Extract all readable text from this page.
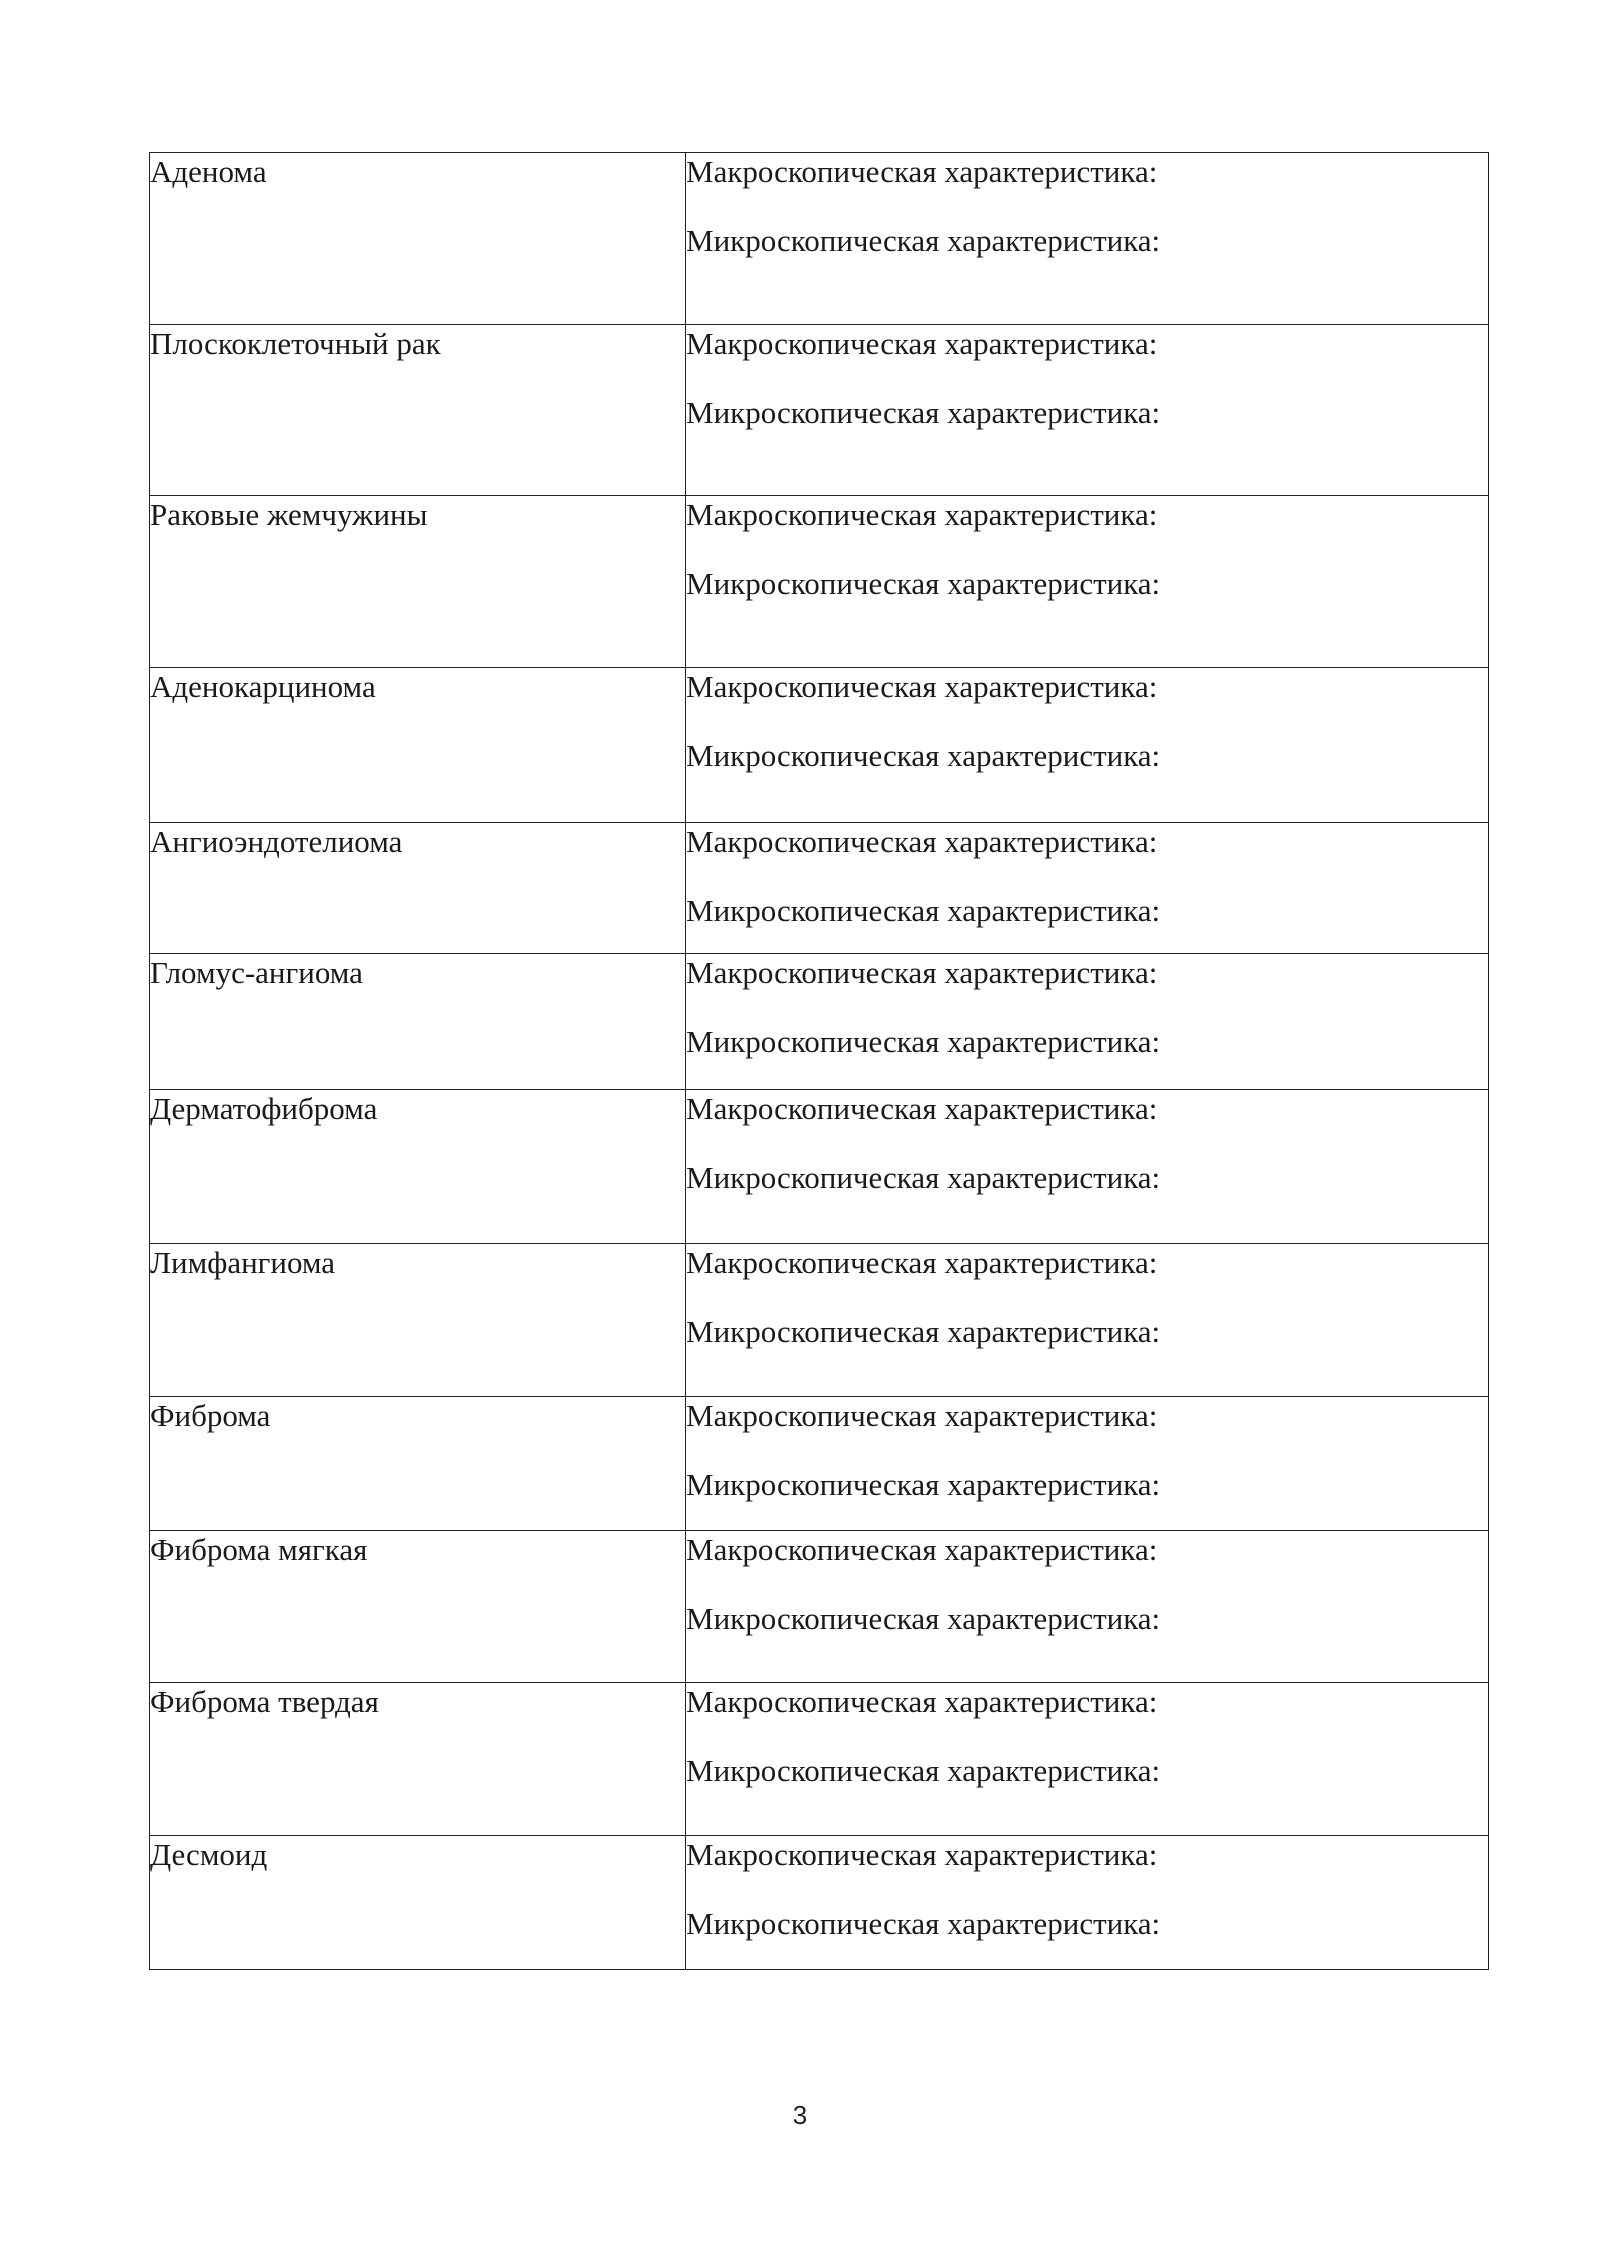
Аденома	Макроскопическая характеристика:
Микроскопическая характеристика:

Плоскоклеточный рак	Макроскопическая характеристика:
Микроскопическая характеристика:

Раковые жемчужины	Макроскопическая характеристика:
Микроскопическая характеристика:

Аденокарцинома	Макроскопическая характеристика:
Микроскопическая характеристика:

Ангиоэндотелиома	Макроскопическая характеристика:
Микроскопическая характеристика:

Гломус-ангиома	Макроскопическая характеристика:
Микроскопическая характеристика:

Дерматофиброма	Макроскопическая характеристика:
Микроскопическая характеристика:

Лимфангиома	Макроскопическая характеристика:
Микроскопическая характеристика:

Фиброма	Макроскопическая характеристика:
Микроскопическая характеристика:

Фиброма мягкая	Макроскопическая характеристика:
Микроскопическая характеристика:

Фиброма твердая	Макроскопическая характеристика:
Микроскопическая характеристика:

Десмоид	Макроскопическая характеристика:
Микроскопическая характеристика:
3
